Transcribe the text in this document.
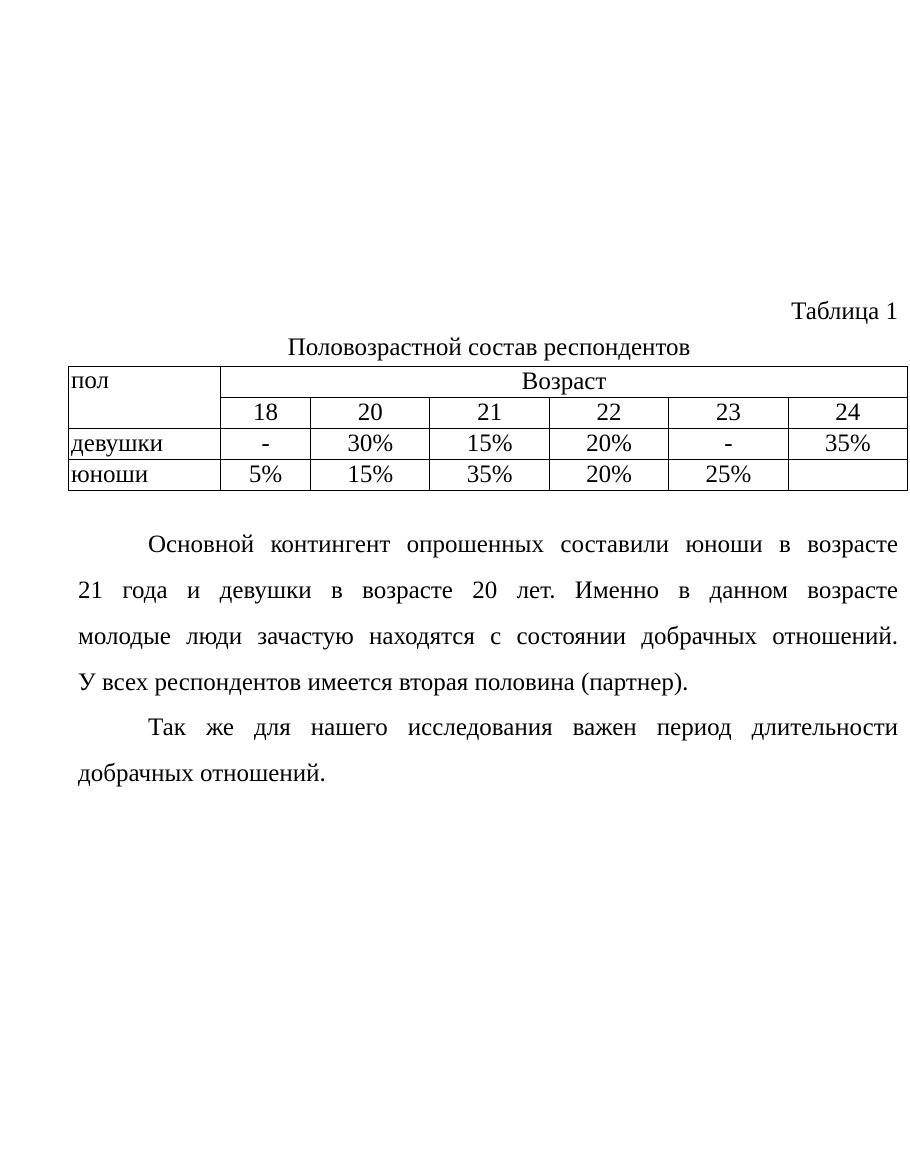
Таблица 1
Половозрастной состав респондентов
пол	Возраст					
	18	20	21	22	23	24
девушки	-	30%	15%	20%	-	35%
юноши	5%	15%	35%	20%	25%	
Основной контингент опрошенных составили юноши в возрасте
21 года и девушки в возрасте 20 лет. Именно в данном возрасте
молодые люди зачастую находятся с состоянии добрачных отношений.
У всех респондентов имеется вторая половина (партнер).
Так же для нашего исследования важен период длительности
добрачных отношений.
